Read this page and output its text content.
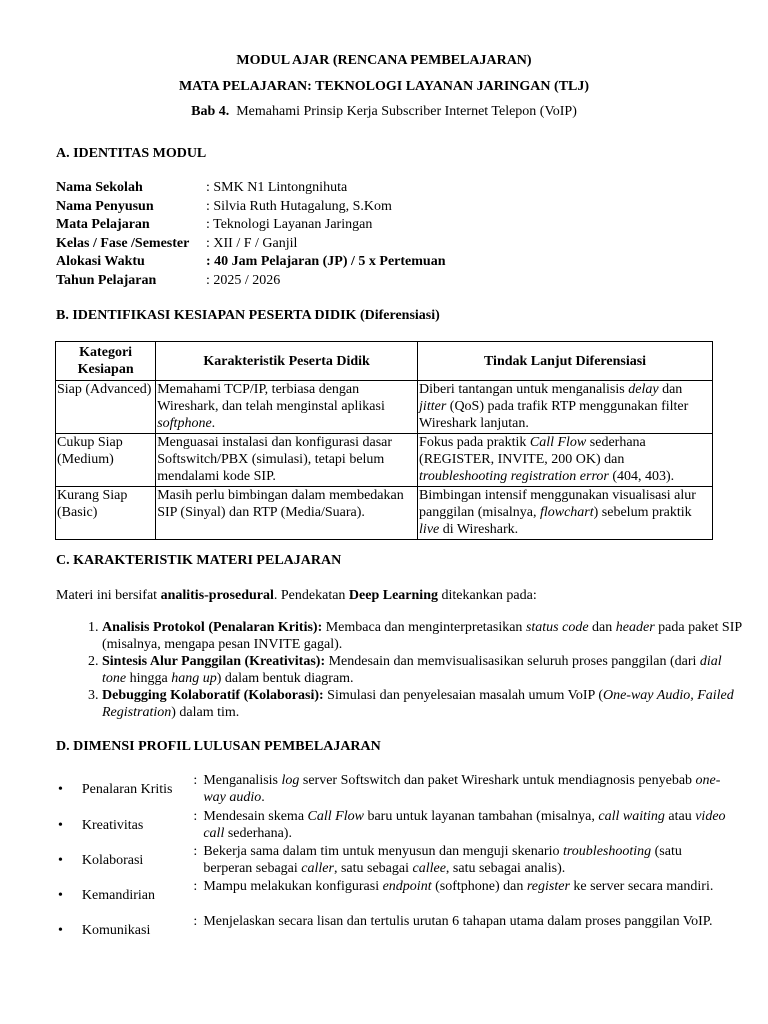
MODUL AJAR (RENCANA PEMBELAJARAN)
MATA PELAJARAN: TEKNOLOGI LAYANAN JARINGAN (TLJ)
Bab 4. Memahami Prinsip Kerja Subscriber Internet Telepon (VoIP)
A. IDENTITAS MODUL
Nama Sekolah	: SMK N1 Lintongnihuta
Nama Penyusun	: Silvia Ruth Hutagalung, S.Kom
Mata Pelajaran	: Teknologi Layanan Jaringan
Kelas / Fase /Semester	: XII / F / Ganjil
Alokasi Waktu	: 40 Jam Pelajaran (JP) / 5 x Pertemuan
Tahun Pelajaran	: 2025 / 2026
B. IDENTIFIKASI KESIAPAN PESERTA DIDIK (Diferensiasi)
Kategori Kesiapan	Karakteristik Peserta Didik	Tindak Lanjut Diferensiasi
Siap (Advanced)	Memahami TCP/IP, terbiasa dengan Wireshark, dan telah menginstal aplikasi softphone.	Diberi tantangan untuk menganalisis delay dan jitter (QoS) pada trafik RTP menggunakan filter Wireshark lanjutan.
Cukup Siap (Medium)	Menguasai instalasi dan konfigurasi dasar Softswitch/PBX (simulasi), tetapi belum mendalami kode SIP.	Fokus pada praktik Call Flow sederhana (REGISTER, INVITE, 200 OK) dan troubleshooting registration error (404, 403).
Kurang Siap (Basic)	Masih perlu bimbingan dalam membedakan SIP (Sinyal) dan RTP (Media/Suara).	Bimbingan intensif menggunakan visualisasi alur panggilan (misalnya, flowchart) sebelum praktik live di Wireshark.
C. KARAKTERISTIK MATERI PELAJARAN
Materi ini bersifat analitis-prosedural. Pendekatan Deep Learning ditekankan pada:
1. Analisis Protokol (Penalaran Kritis): Membaca dan menginterpretasikan status code dan header pada paket SIP (misalnya, mengapa pesan INVITE gagal).
2. Sintesis Alur Panggilan (Kreativitas): Mendesain dan memvisualisasikan seluruh proses panggilan (dari dial tone hingga hang up) dalam bentuk diagram.
3. Debugging Kolaboratif (Kolaborasi): Simulasi dan penyelesaian masalah umum VoIP (One-way Audio, Failed Registration) dalam tim.
D. DIMENSI PROFIL LULUSAN PEMBELAJARAN
•	Penalaran Kritis
: Menganalisis log server Softswitch dan paket Wireshark untuk mendiagnosis penyebab one-way audio.
•	Kreativitas
: Mendesain skema Call Flow baru untuk layanan tambahan (misalnya, call waiting atau video call sederhana).
•	Kolaborasi
: Bekerja sama dalam tim untuk menyusun dan menguji skenario troubleshooting (satu berperan sebagai caller, satu sebagai callee, satu sebagai analis).
•	Kemandirian
: Mampu melakukan konfigurasi endpoint (softphone) dan register ke server secara mandiri.
•	Komunikasi
: Menjelaskan secara lisan dan tertulis urutan 6 tahapan utama dalam proses panggilan VoIP.
